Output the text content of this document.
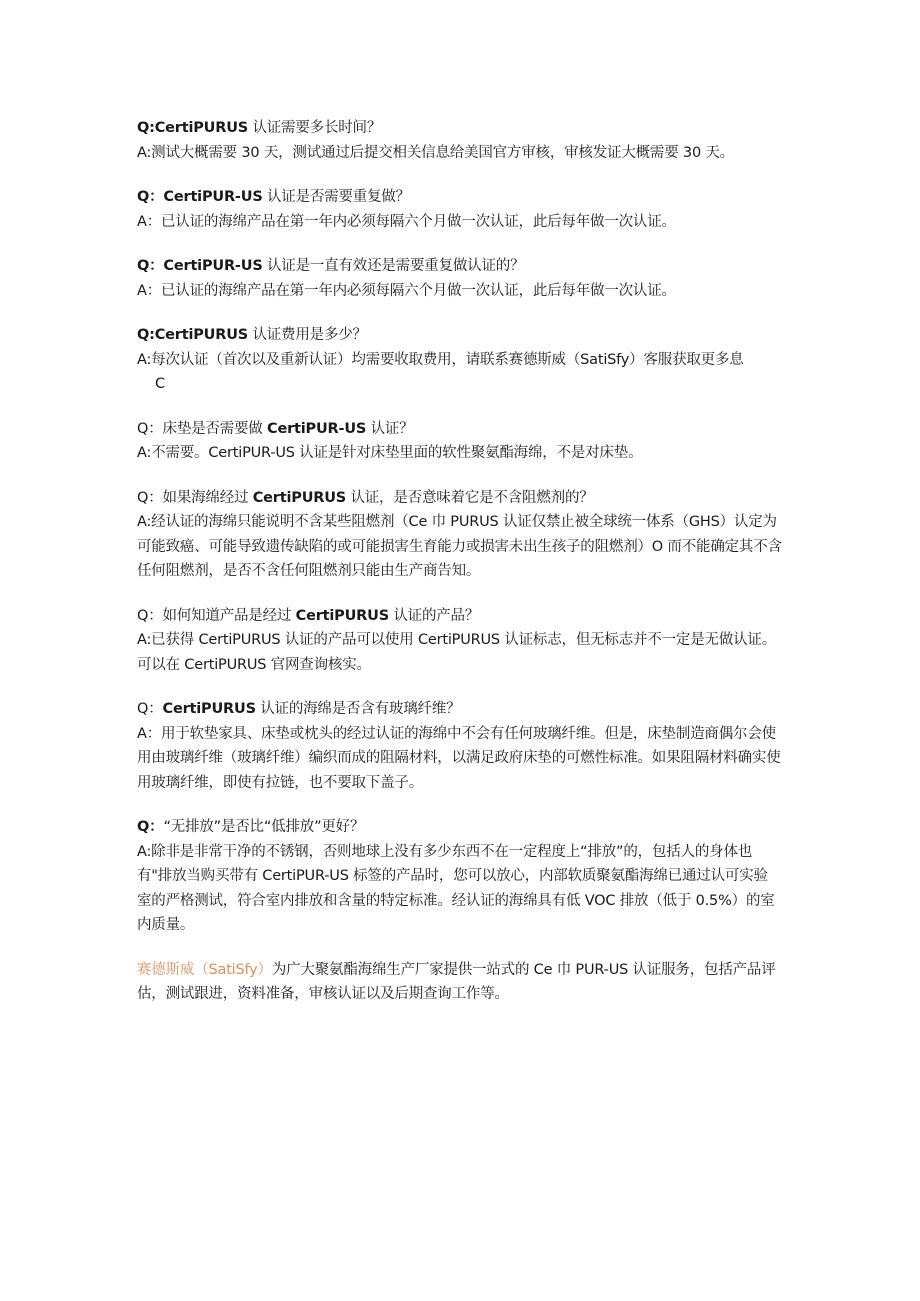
Q:CertiPURUS 认证需要多长时间？

A:测试大概需要 30 天，测试通过后提交相关信息给美国官方审核，审核发证大概需要 30 天。

Q：CertiPUR-US 认证是否需要重复做？

A：已认证的海绵产品在第一年内必须每隔六个月做一次认证，此后每年做一次认证。

Q：CertiPUR-US 认证是一直有效还是需要重复做认证的？

A：已认证的海绵产品在第一年内必须每隔六个月做一次认证，此后每年做一次认证。

Q:CertiPURUS 认证费用是多少？

A:每次认证（首次以及重新认证）均需要收取费用，请联系赛德斯威（SatiSfy）客服获取更多息
C

Q：床垫是否需要做 CertiPUR-US 认证？

A:不需要。CertiPUR-US 认证是针对床垫里面的软性聚氨酯海绵，不是对床垫。

Q：如果海绵经过 CertiPURUS 认证，是否意味着它是不含阻燃剂的？

A:经认证的海绵只能说明不含某些阻燃剂（Ce 巾 PURUS 认证仅禁止被全球统一体系（GHS）认定为可能致癌、可能导致遗传缺陷的或可能损害生育能力或损害未出生孩子的阻燃剂）O 而不能确定其不含任何阻燃剂，是否不含任何阻燃剂只能由生产商告知。

Q：如何知道产品是经过 CertiPURUS 认证的产品？

A:已获得 CertiPURUS 认证的产品可以使用 CertiPURUS 认证标志，但无标志并不一定是无做认证。可以在 CertiPURUS 官网查询核实。

Q：CertiPURUS 认证的海绵是否含有玻璃纤维？

A：用于软垫家具、床垫或枕头的经过认证的海绵中不会有任何玻璃纤维。但是，床垫制造商偶尔会使用由玻璃纤维（玻璃纤维）编织而成的阻隔材料，以满足政府床垫的可燃性标准。如果阻隔材料确实使用玻璃纤维，即使有拉链，也不要取下盖子。

Q：“无排放”是否比“低排放”更好？

A:除非是非常干净的不锈钢，否则地球上没有多少东西不在一定程度上“排放”的，包括人的身体也有"排放当购买带有 CertiPUR-US 标签的产品时，您可以放心，内部软质聚氨酯海绵已通过认可实验室的严格测试，符合室内排放和含量的特定标准。经认证的海绵具有低 VOC 排放（低于 0.5%）的室内质量。

赛德斯威（SatiSfy）为广大聚氨酯海绵生产厂家提供一站式的 Ce 巾 PUR-US 认证服务，包括产品评估，测试跟进，资料准备，审核认证以及后期查询工作等。
